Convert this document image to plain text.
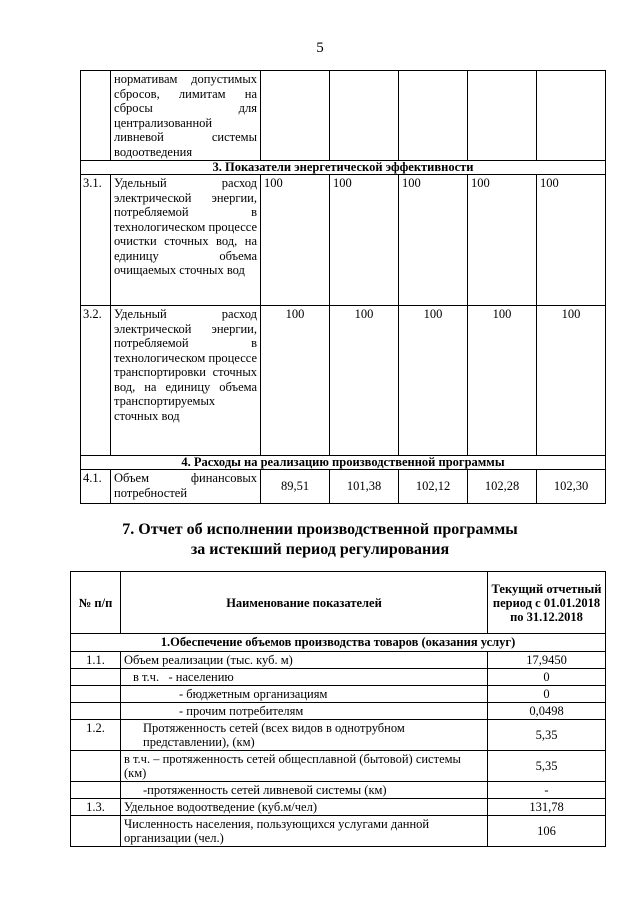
5
	нормативам допустимых сбросов, лимитам на сбросы для централизованной ливневой системы водоотведения					
3. Показатели энергетической эффективности						
3.1.	Удельный расход электрической энергии, потребляемой в технологическом процессе очистки сточных вод, на единицу объема очищаемых сточных вод	100	100	100	100	100
3.2.	Удельный расход электрической энергии, потребляемой в технологическом процессе транспортировки сточных вод, на единицу объема транспортируемых сточных вод	100	100	100	100	100
4. Расходы на реализацию производственной программы						
4.1.	Объем финансовых потребностей	89,51	101,38	102,12	102,28	102,30
7. Отчет об исполнении производственной программы
за истекший период регулирования
№ п/п	Наименование показателей	Текущий отчетный период с 01.01.2018 по 31.12.2018
1.Обеспечение объемов производства товаров (оказания услуг)		
1.1.	Объем реализации (тыс. куб. м)	17,9450
	в т.ч.   - населению	0
	- бюджетным организациям	0
	- прочим потребителям	0,0498
1.2.	Протяженность сетей (всех видов в однотрубном представлении), (км)	5,35
	в т.ч. – протяженность сетей общесплавной (бытовой) системы (км)	5,35
	-протяженность сетей ливневой системы (км)	-
1.3.	Удельное водоотведение (куб.м/чел)	131,78
	Численность населения, пользующихся услугами данной организации (чел.)	106
